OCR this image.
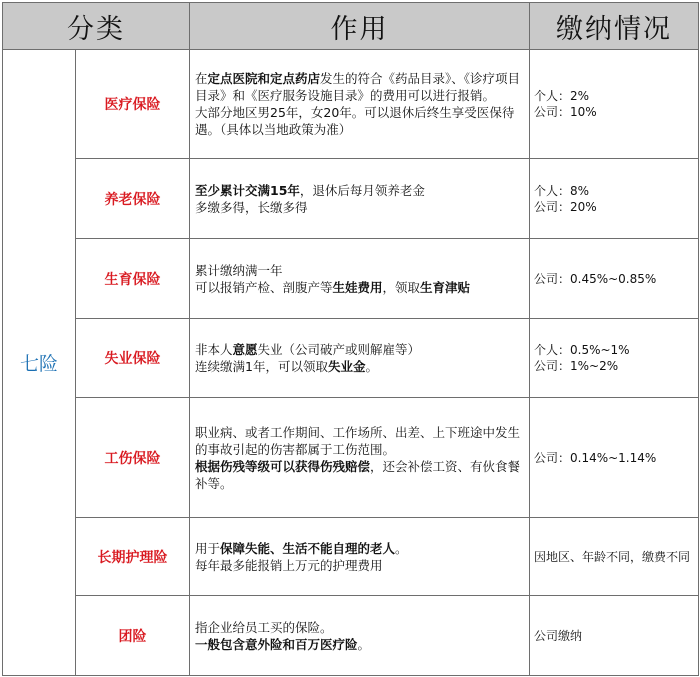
分类		作用	缴纳情况
七险	医疗保险	在定点医院和定点药店发生的符合《药品目录》、《诊疗项目目录》和《医疗服务设施目录》的费用可以进行报销。
大部分地区男25年，女20年。可以退休后终生享受医保待遇。（具体以当地政策为准）	个人：2%
公司：10%

	养老保险	至少累计交满15年，退休后每月领养老金
多缴多得，长缴多得	个人：8%
公司：20%

	生育保险	累计缴纳满一年
可以报销产检、剖腹产等生娃费用，领取生育津贴	公司：0.45%~0.85%

	失业保险	非本人意愿失业（公司破产或则解雇等）
连续缴满1年，可以领取失业金。	个人：0.5%~1%
公司：1%~2%

	工伤保险	职业病、或者工作期间、工作场所、出差、上下班途中发生的事故引起的伤害都属于工伤范围。
根据伤残等级可以获得伤残赔偿，还会补偿工资、有伙食餐补等。	公司：0.14%~1.14%

	长期护理险	用于保障失能、生活不能自理的老人。
每年最多能报销上万元的护理费用	因地区、年龄不同，缴费不同

	团险	指企业给员工买的保险。
一般包含意外险和百万医疗险。	公司缴纳
